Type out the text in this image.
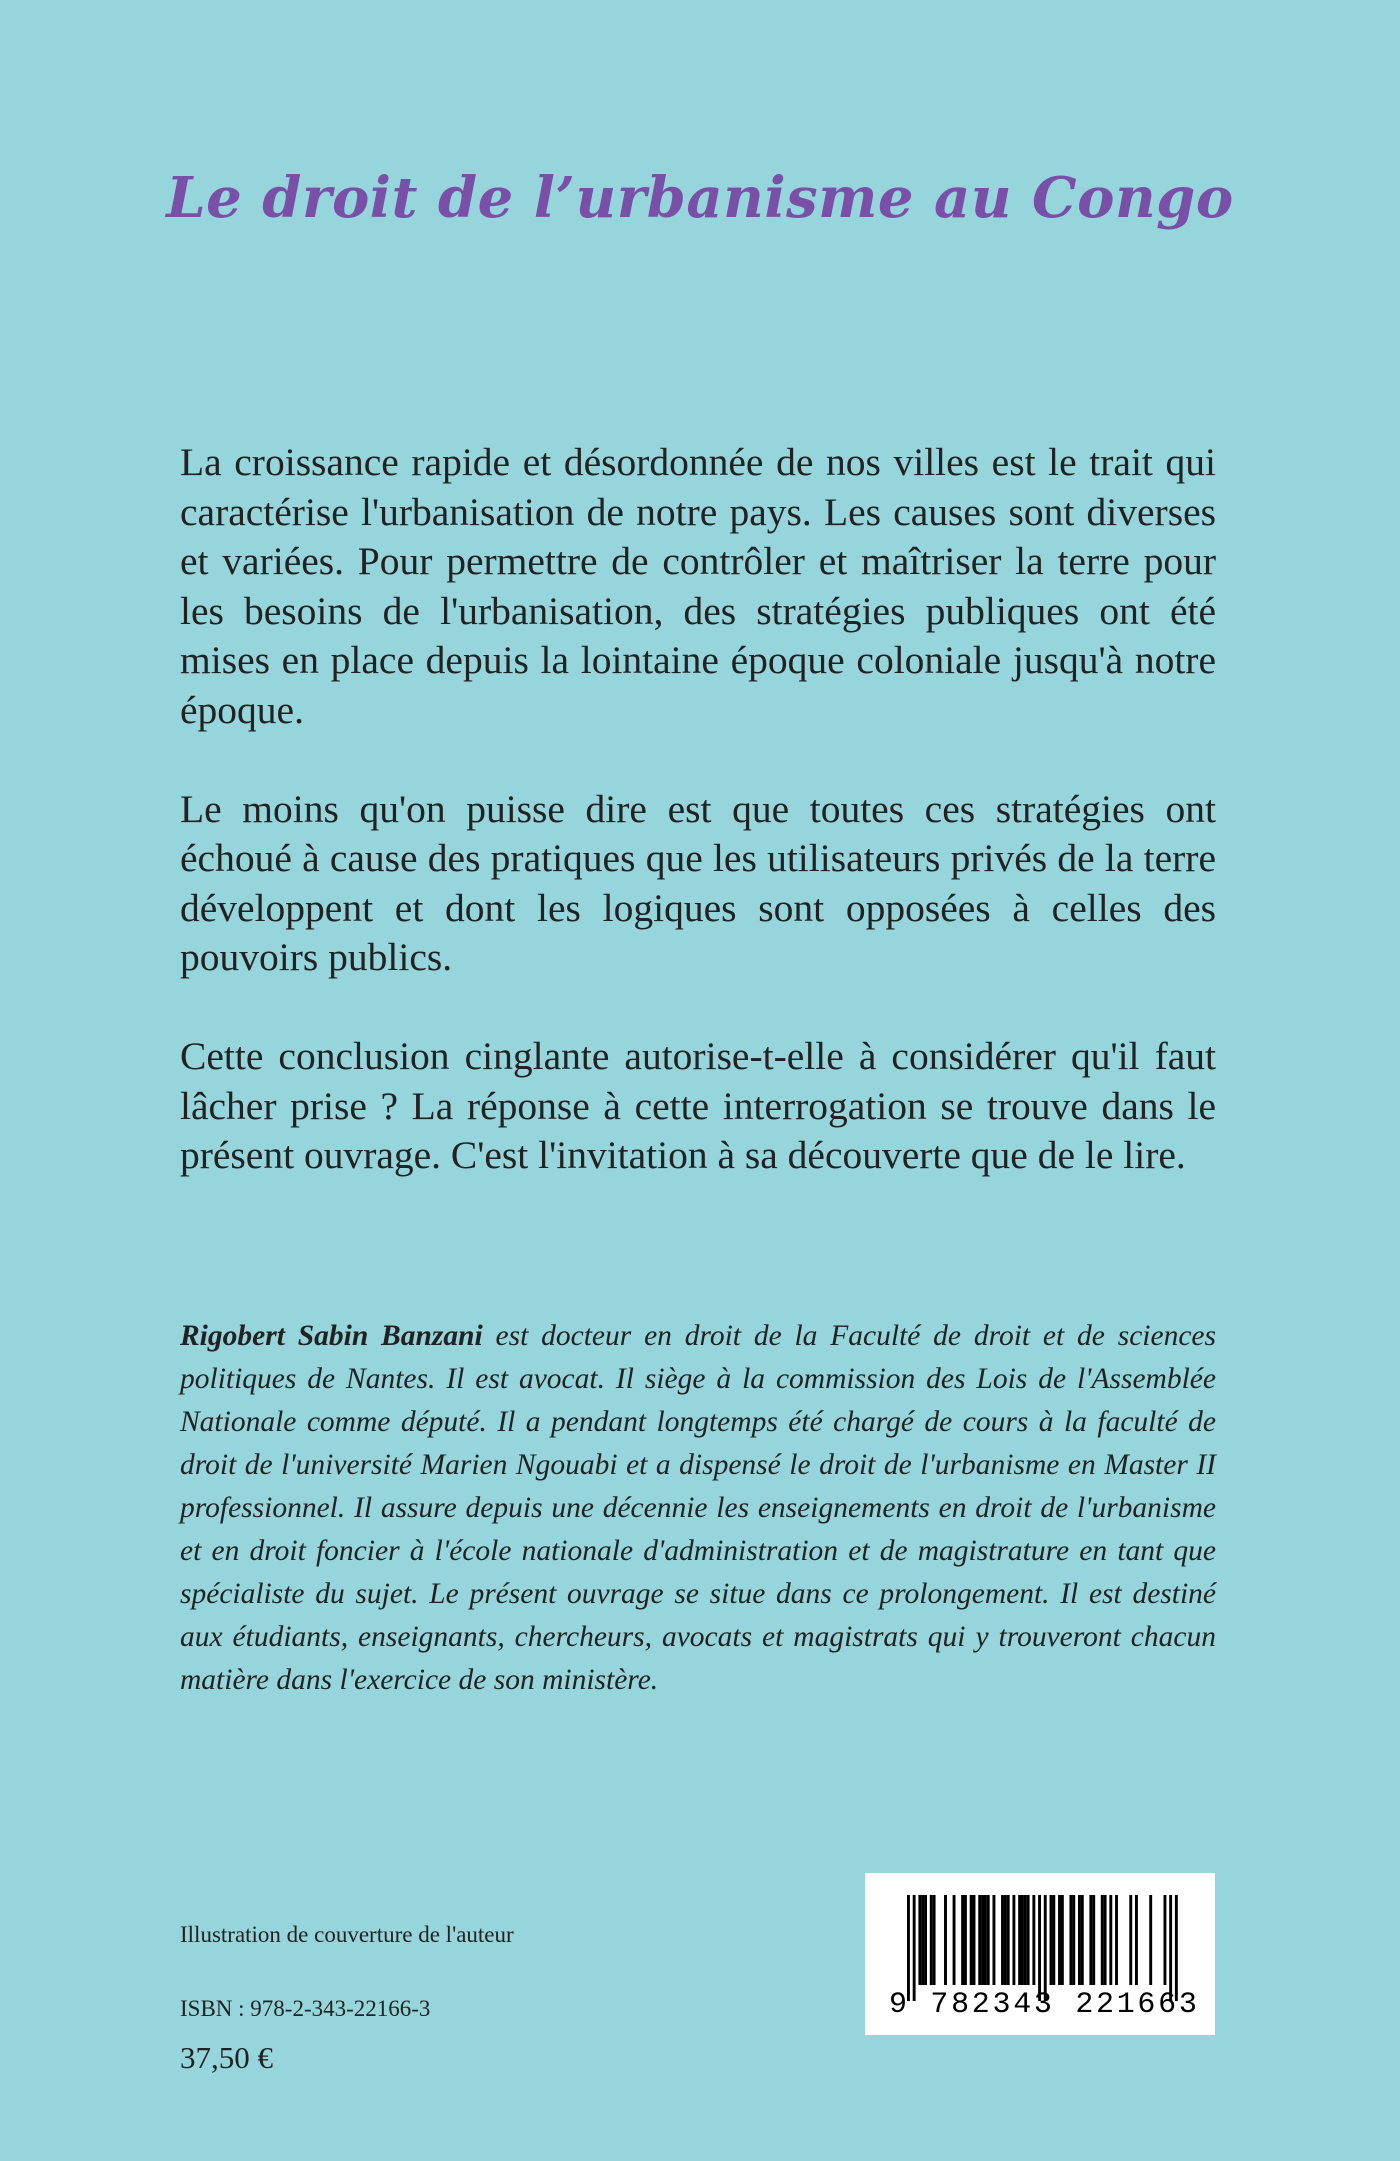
Le droit de l’urbanisme au Congo

La croissance rapide et désordonnée de nos villes est le trait qui caractérise l'urbanisation de notre pays. Les causes sont diverses et variées. Pour permettre de contrôler et maîtriser la terre pour les besoins de l'urbanisation, des stratégies publiques ont été mises en place depuis la lointaine époque coloniale jusqu'à notre époque.

Le moins qu'on puisse dire est que toutes ces stratégies ont échoué à cause des pratiques que les utilisateurs privés de la terre développent et dont les logiques sont opposées à celles des pouvoirs publics.

Cette conclusion cinglante autorise-t-elle à considérer qu'il faut lâcher prise ? La réponse à cette interrogation se trouve dans le présent ouvrage. C'est l'invitation à sa découverte que de le lire.

Rigobert Sabin Banzani est docteur en droit de la Faculté de droit et de sciences politiques de Nantes. Il est avocat. Il siège à la commission des Lois de l'Assemblée Nationale comme député. Il a pendant longtemps été chargé de cours à la faculté de droit de l'université Marien Ngouabi et a dispensé le droit de l'urbanisme en Master II professionnel. Il assure depuis une décennie les enseignements en droit de l'urbanisme et en droit foncier à l'école nationale d'administration et de magistrature en tant que spécialiste du sujet. Le présent ouvrage se situe dans ce prolongement. Il est destiné aux étudiants, enseignants, chercheurs, avocats et magistrats qui y trouveront chacun matière dans l'exercice de son ministère.

Illustration de couverture de l'auteur
ISBN : 978-2-343-22166-3
37,50 €
9 782343 221663
